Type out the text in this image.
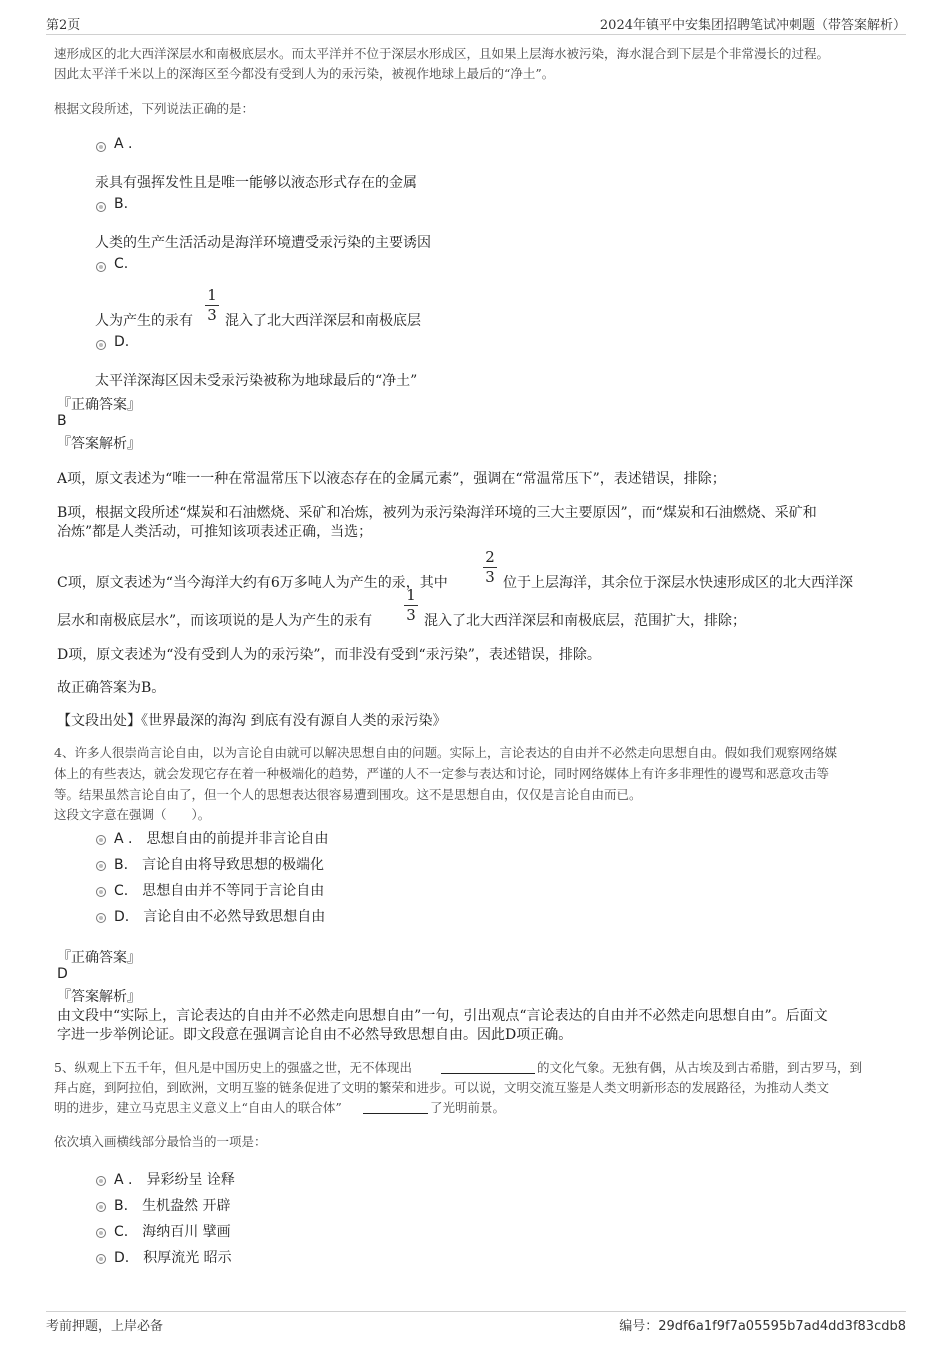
第2页	2024年镇平中安集团招聘笔试冲刺题（带答案解析）
速形成区的北大西洋深层水和南极底层水。而太平洋并不位于深层水形成区，且如果上层海水被污染，海水混合到下层是个非常漫长的过程。
因此太平洋千米以上的深海区至今都没有受到人为的汞污染，被视作地球上最后的“净土”。
根据文段所述，下列说法正确的是：
A .
汞具有强挥发性且是唯一能够以液态形式存在的金属
B.
人类的生产生活活动是海洋环境遭受汞污染的主要诱因
C.
人为产生的汞有
1
3 混入了北大西洋深层和南极底层
D.
太平洋深海区因未受汞污染被称为地球最后的“净土”
『正确答案』
B
『答案解析』
A项，原文表述为“唯一一种在常温常压下以液态存在的金属元素”，强调在“常温常压下”，表述错误，排除；
B项，根据文段所述“煤炭和石油燃烧、采矿和冶炼，被列为汞污染海洋环境的三大主要原因”，而“煤炭和石油燃烧、采矿和
冶炼”都是人类活动，可推知该项表述正确，当选；
C项，原文表述为“当今海洋大约有6万多吨人为产生的汞，其中
2
3 位于上层海洋，其余位于深层水快速形成区的北大西洋深
层水和南极底层水”，而该项说的是人为产生的汞有
1
3 混入了北大西洋深层和南极底层，范围扩大，排除；
D项，原文表述为“没有受到人为的汞污染”，而非没有受到“汞污染”，表述错误，排除。
故正确答案为B。
【文段出处】《世界最深的海沟 到底有没有源自人类的汞污染》
4、许多人很崇尚言论自由，以为言论自由就可以解决思想自由的问题。实际上，言论表达的自由并不必然走向思想自由。假如我们观察网络媒
体上的有些表达，就会发现它存在着一种极端化的趋势，严谨的人不一定参与表达和讨论，同时网络媒体上有许多非理性的谩骂和恶意攻击等
等。结果虽然言论自由了，但一个人的思想表达很容易遭到围攻。这不是思想自由，仅仅是言论自由而已。
这段文字意在强调（　　）。
A . 思想自由的前提并非言论自由
B. 言论自由将导致思想的极端化
C. 思想自由并不等同于言论自由
D. 言论自由不必然导致思想自由
『正确答案』
D
『答案解析』
由文段中“实际上，言论表达的自由并不必然走向思想自由”一句，引出观点“言论表达的自由并不必然走向思想自由”。后面文
字进一步举例论证。即文段意在强调言论自由不必然导致思想自由。因此D项正确。
5、纵观上下五千年，但凡是中国历史上的强盛之世，无不体现出	的文化气象。无独有偶，从古埃及到古希腊，到古罗马，到
拜占庭，到阿拉伯，到欧洲，文明互鉴的链条促进了文明的繁荣和进步。可以说，文明交流互鉴是人类文明新形态的发展路径，为推动人类文
明的进步，建立马克思主义意义上“自由人的联合体”	了光明前景。
依次填入画横线部分最恰当的一项是：
A . 异彩纷呈 诠释
B. 生机盎然 开辟
C. 海纳百川 擘画
D. 积厚流光 昭示
考前押题，上岸必备	编号：29df6a1f9f7a05595b7ad4dd3f83cdb8
